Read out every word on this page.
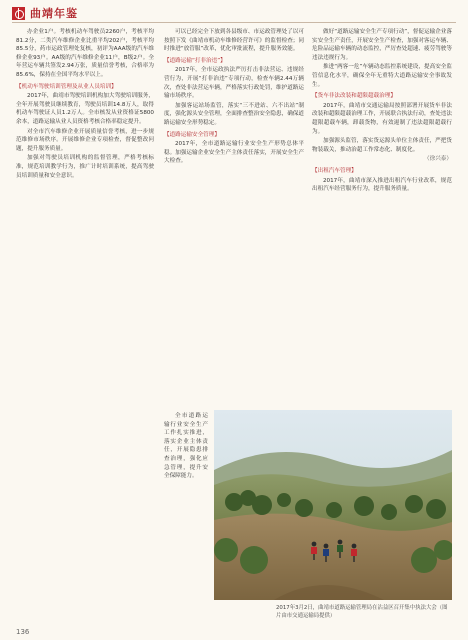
曲靖年鉴

办企业1户。考核机动车驾驶员2260户，考核平均81.2分，二类汽车维修企业比重平均202户，考核平均85.5分，药市运政管理处复核，初评为AAA级的汽车维修企业93户。AA级的汽车维修企业11户，B级2户。全年营运车辆共签发2.94万张，质量信誉考核，合格率为85.6%，保持在全国平均水平以上。

【机动车驾驶培训管理及从业人员培训】

2017年，曲靖市驾驶培训机构加大驾驶培训服务，全年开展驾驶员继续教育，驾驶员培训14.8万人，取得机动车驾驶证人员1.2万人。全市核发从业资格证5800余本，道路运输从业人员资格考核合格率稳定提升。

对全市汽车维修企业开展质量信誉考核，进一步规范维修市场秩序。开展维修企业专项检查，督促整改问题，提升服务质量。

加强对驾驶员培训机构的监督管理，严格考核标准，规范培训教学行为，推广计时培训系统，提高驾驶员培训质量和安全意识。

可以已经完全下放到各县级市、市运政管理处了以可按照下发《曲靖市机动车维修经营许可》的监督检查；同时推进“放管服”改革，优化审批流程，提升服务效能。

【道路运输“打非治违”】

2017年，全市运政执法严厉打击非法营运、违规经营行为，开展“打非治违”专项行动，检查车辆2.44万辆次，查处非法营运车辆，严格落实行政处罚，维护道路运输市场秩序。

加强客运站场监管，落实“三不进站、六不出站”制度，强化源头安全管理，全面排查整治安全隐患，确保道路运输安全形势稳定。

【道路运输安全管理】

2017年，全市道路运输行业安全生产形势总体平稳。加强运输企业安全生产主体责任落实，开展安全生产大检查。

全市道路运输行业安全生产工作扎实推进，落实企业主体责任，开展隐患排查治理，强化应急管理，提升安全保障能力。

做好“道路运输安全生产专项行动”，督促运输企业落实安全生产责任，开展安全生产检查，加强对客运车辆、危险品运输车辆的动态监控，严厉查处超速、疲劳驾驶等违法违规行为。

推进“两客一危”车辆动态监控系统建设，提高安全监管信息化水平，确保全年无重特大道路运输安全事故发生。

【货车非法改装和超限超载治理】

2017年，曲靖市交通运输局按照部署开展货车非法改装和超限超载治理工作，开展联合执法行动，查处违法超限超载车辆，卸载货物，有效遏制了违法超限超载行为。

加强源头监管，落实货运源头单位主体责任，严把货物装载关，推动治超工作常态化、制度化。

（徐兴泰）

【出租汽车管理】

2017年，曲靖市深入推进出租汽车行业改革，规范出租汽车经营服务行为，提升服务质量。

2017年3月2日，曲靖市道路运输管理局在沾益区召开集中执法大会（图片由市交通运输局提供）
136
